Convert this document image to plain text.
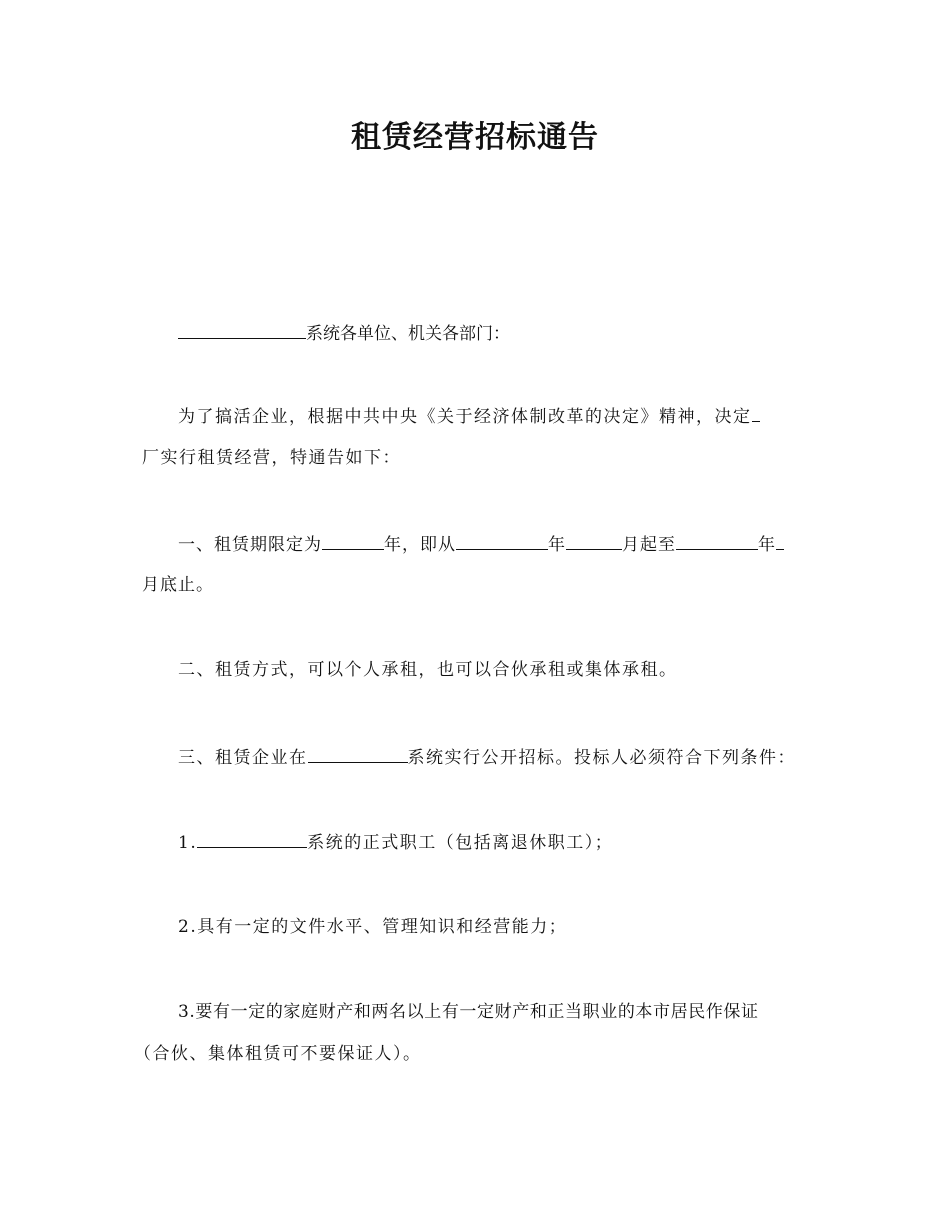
租赁经营招标通告
系统各单位、机关各部门：
为了搞活企业，根据中共中央《关于经济体制改革的决定》精神，决定
厂实行租赁经营，特通告如下：
一、租赁期限定为	年，即从	年	月起至	年
月底止。
二、租赁方式，可以个人承租，也可以合伙承租或集体承租。
三、租赁企业在	系统实行公开招标。投标人必须符合下列条件：
1.	系统的正式职工（包括离退休职工）；
2.具有一定的文件水平、管理知识和经营能力；
3.要有一定的家庭财产和两名以上有一定财产和正当职业的本市居民作保证
（合伙、集体租赁可不要保证人）。
